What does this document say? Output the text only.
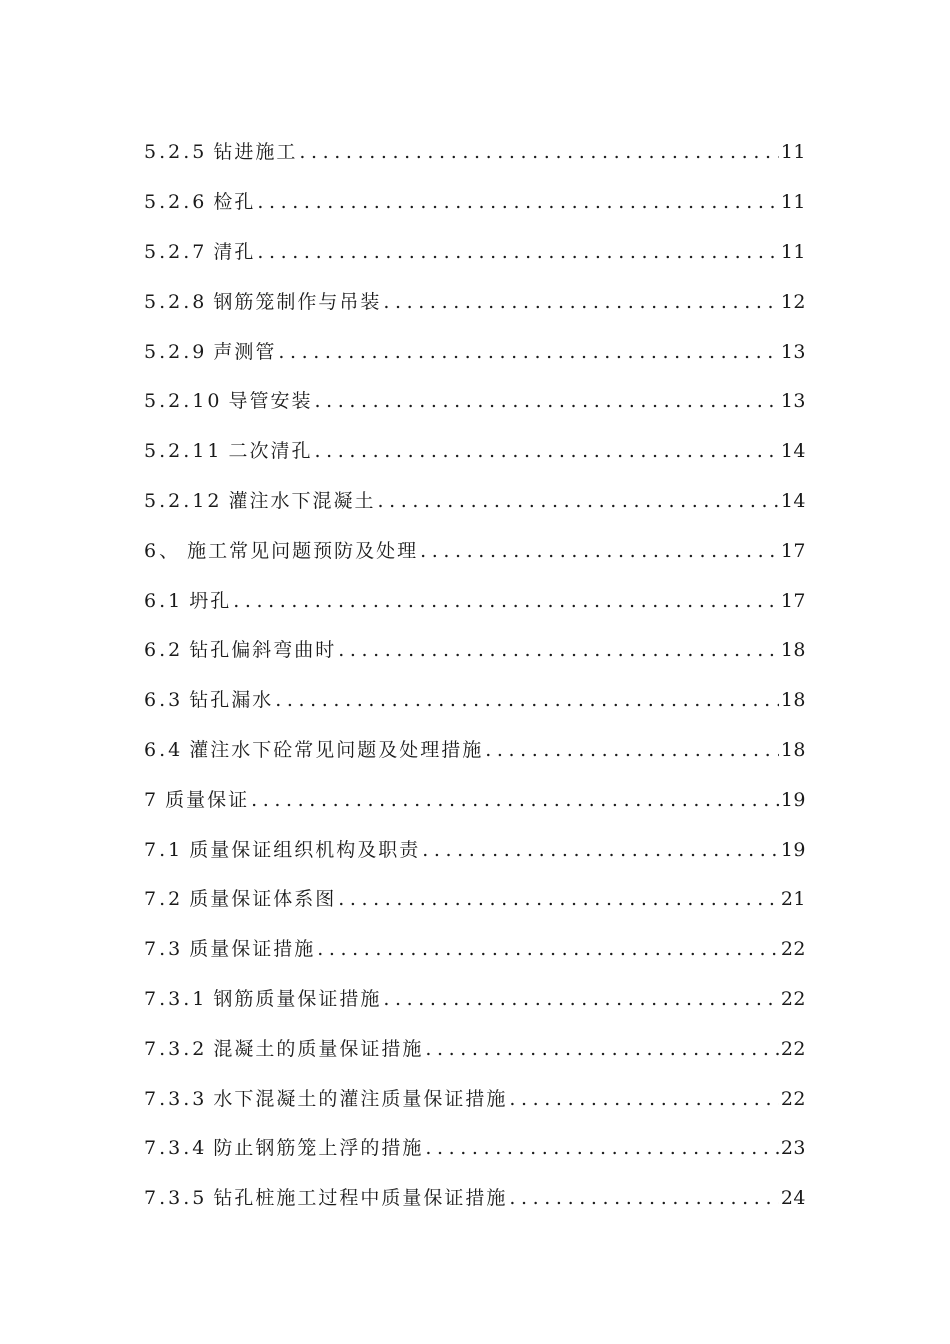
5.2.5 钻进施工 .....	11
5.2.6 检孔 .....	11
5.2.7 清孔 .....	11
5.2.8 钢筋笼制作与吊装 .....	12
5.2.9 声测管 .....	13
5.2.10 导管安装 .....	13
5.2.11 二次清孔 .....	14
5.2.12 灌注水下混凝土 .....	14
6、 施工常见问题预防及处理 .....	17
6.1 坍孔 .....	17
6.2 钻孔偏斜弯曲时 .....	18
6.3 钻孔漏水 .....	18
6.4 灌注水下砼常见问题及处理措施 .....	18
7 质量保证 .....	19
7.1 质量保证组织机构及职责 .....	19
7.2 质量保证体系图 .....	21
7.3 质量保证措施 .....	22
7.3.1 钢筋质量保证措施 .....	22
7.3.2 混凝土的质量保证措施 .....	22
7.3.3 水下混凝土的灌注质量保证措施 .....	22
7.3.4 防止钢筋笼上浮的措施 .....	23
7.3.5 钻孔桩施工过程中质量保证措施 .....	24
